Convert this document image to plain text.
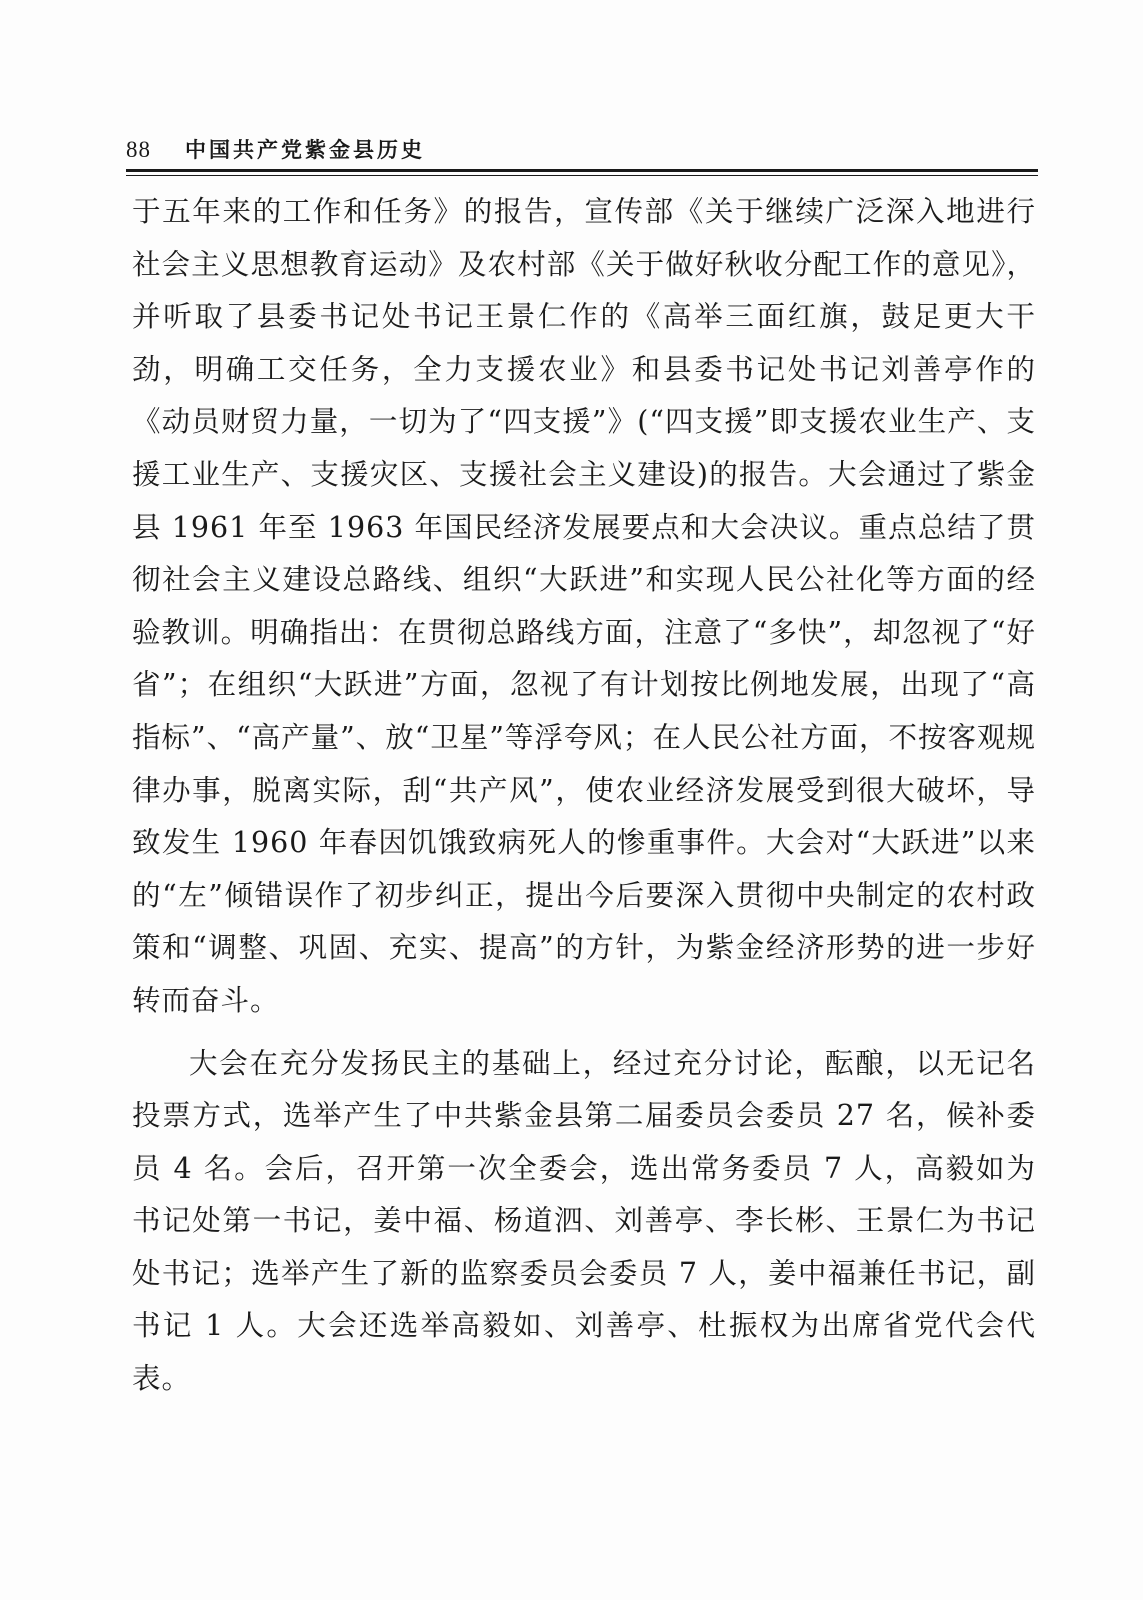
88 中国共产党紫金县历史

于五年来的工作和任务》的报告，宣传部《关于继续广泛深入地进行社会主义思想教育运动》及农村部《关于做好秋收分配工作的意见》，并听取了县委书记处书记王景仁作的《高举三面红旗，鼓足更大干劲，明确工交任务，全力支援农业》和县委书记处书记刘善亭作的《动员财贸力量，一切为了“四支援”》(“四支援”即支援农业生产、支援工业生产、支援灾区、支援社会主义建设)的报告。大会通过了紫金县 1961 年至 1963 年国民经济发展要点和大会决议。重点总结了贯彻社会主义建设总路线、组织“大跃进”和实现人民公社化等方面的经验教训。明确指出：在贯彻总路线方面，注意了“多快”，却忽视了“好省”；在组织“大跃进”方面，忽视了有计划按比例地发展，出现了“高指标”、“高产量”、放“卫星”等浮夸风；在人民公社方面，不按客观规律办事，脱离实际，刮“共产风”，使农业经济发展受到很大破坏，导致发生 1960 年春因饥饿致病死人的惨重事件。大会对“大跃进”以来的“左”倾错误作了初步纠正，提出今后要深入贯彻中央制定的农村政策和“调整、巩固、充实、提高”的方针，为紫金经济形势的进一步好转而奋斗。

大会在充分发扬民主的基础上，经过充分讨论，酝酿，以无记名投票方式，选举产生了中共紫金县第二届委员会委员 27 名，候补委员 4 名。会后，召开第一次全委会，选出常务委员 7 人，高毅如为书记处第一书记，姜中福、杨道泗、刘善亭、李长彬、王景仁为书记处书记；选举产生了新的监察委员会委员 7 人，姜中福兼任书记，副书记 1 人。大会还选举高毅如、刘善亭、杜振权为出席省党代会代表。
